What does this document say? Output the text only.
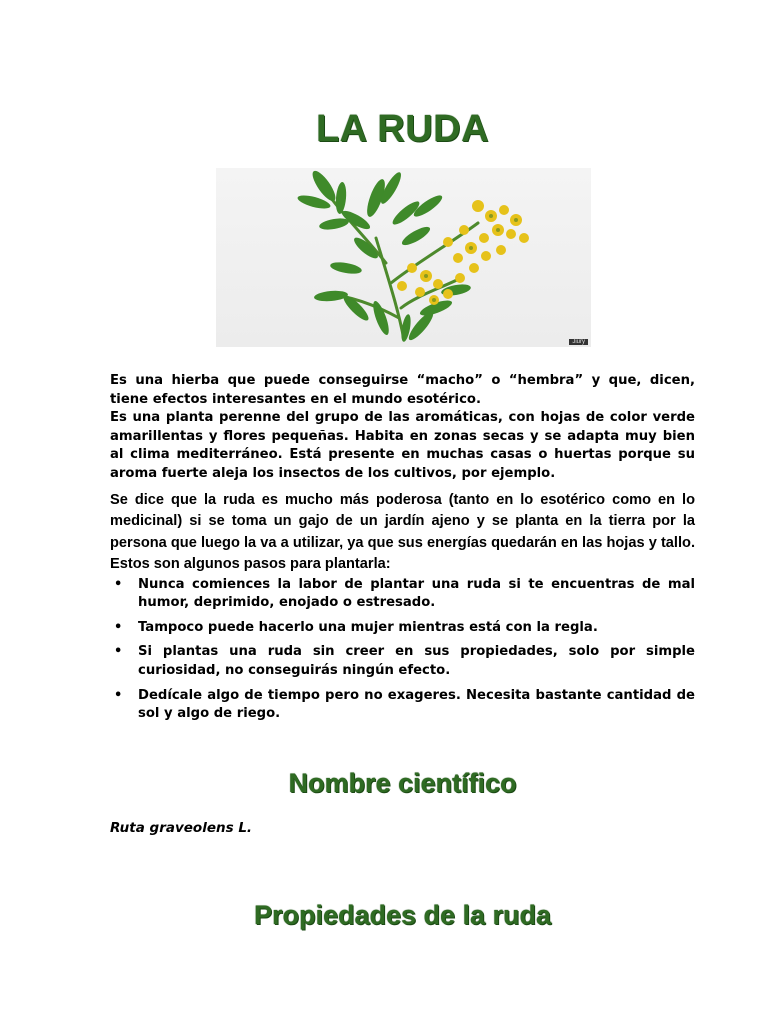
LA RUDA
Jiury

Es una hierba que puede conseguirse “macho” o “hembra” y que, dicen, tiene efectos interesantes en el mundo esotérico.

Es una planta perenne del grupo de las aromáticas, con hojas de color verde amarillentas y flores pequeñas. Habita en zonas secas y se adapta muy bien al clima mediterráneo. Está presente en muchas casas o huertas porque su aroma fuerte aleja los insectos de los cultivos, por ejemplo.

Se dice que la ruda es mucho más poderosa (tanto en lo esotérico como en lo medicinal) si se toma un gajo de un jardín ajeno y se planta en la tierra por la persona que luego la va a utilizar, ya que sus energías quedarán en las hojas y tallo. Estos son algunos pasos para plantarla:

• Nunca comiences la labor de plantar una ruda si te encuentras de mal humor, deprimido, enojado o estresado.
• Tampoco puede hacerlo una mujer mientras está con la regla.
• Si plantas una ruda sin creer en sus propiedades, solo por simple curiosidad, no conseguirás ningún efecto.
• Dedícale algo de tiempo pero no exageres. Necesita bastante cantidad de sol y algo de riego.
Nombre científico
Ruta graveolens L.
Propiedades de la ruda
